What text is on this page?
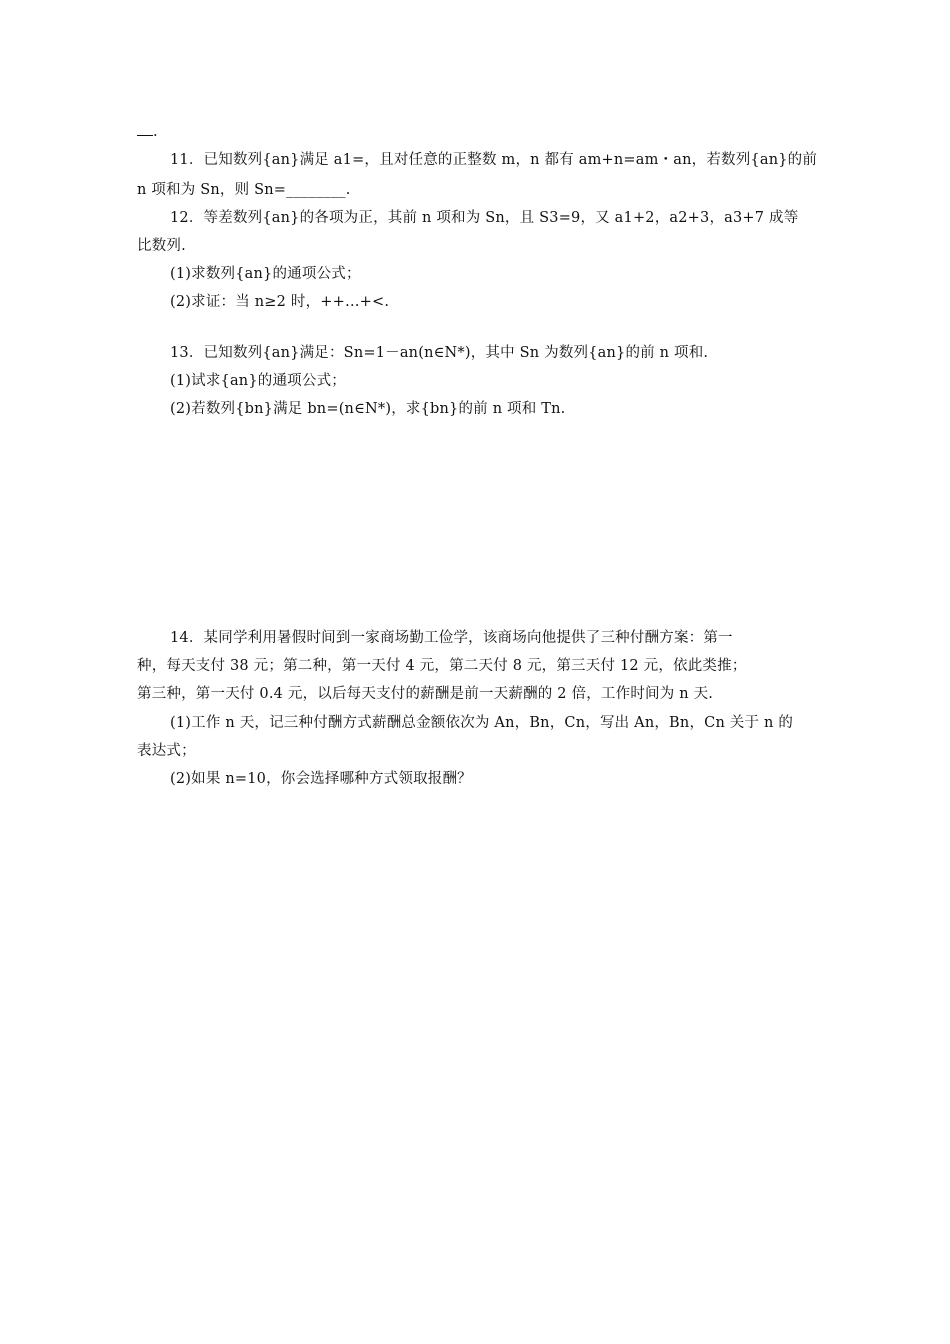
.
11．已知数列{an}满足 a1=，且对任意的正整数 m，n 都有 am+n=am・an，若数列{an}的前
n 项和为 Sn，则 Sn=________.
12．等差数列{an}的各项为正，其前 n 项和为 Sn，且 S3=9，又 a1+2，a2+3，a3+7 成等
比数列.
(1)求数列{an}的通项公式；
(2)求证：当 n≥2 时，++…+<.
13．已知数列{an}满足：Sn=1－an(n∈N*)，其中 Sn 为数列{an}的前 n 项和.
(1)试求{an}的通项公式；
(2)若数列{bn}满足 bn=(n∈N*)，求{bn}的前 n 项和 Tn.
14．某同学利用暑假时间到一家商场勤工俭学，该商场向他提供了三种付酬方案：第一
种，每天支付 38 元；第二种，第一天付 4 元，第二天付 8 元，第三天付 12 元，依此类推；
第三种，第一天付 0.4 元，以后每天支付的薪酬是前一天薪酬的 2 倍，工作时间为 n 天.
(1)工作 n 天，记三种付酬方式薪酬总金额依次为 An，Bn，Cn，写出 An，Bn，Cn 关于 n 的
表达式；
(2)如果 n=10，你会选择哪种方式领取报酬？
